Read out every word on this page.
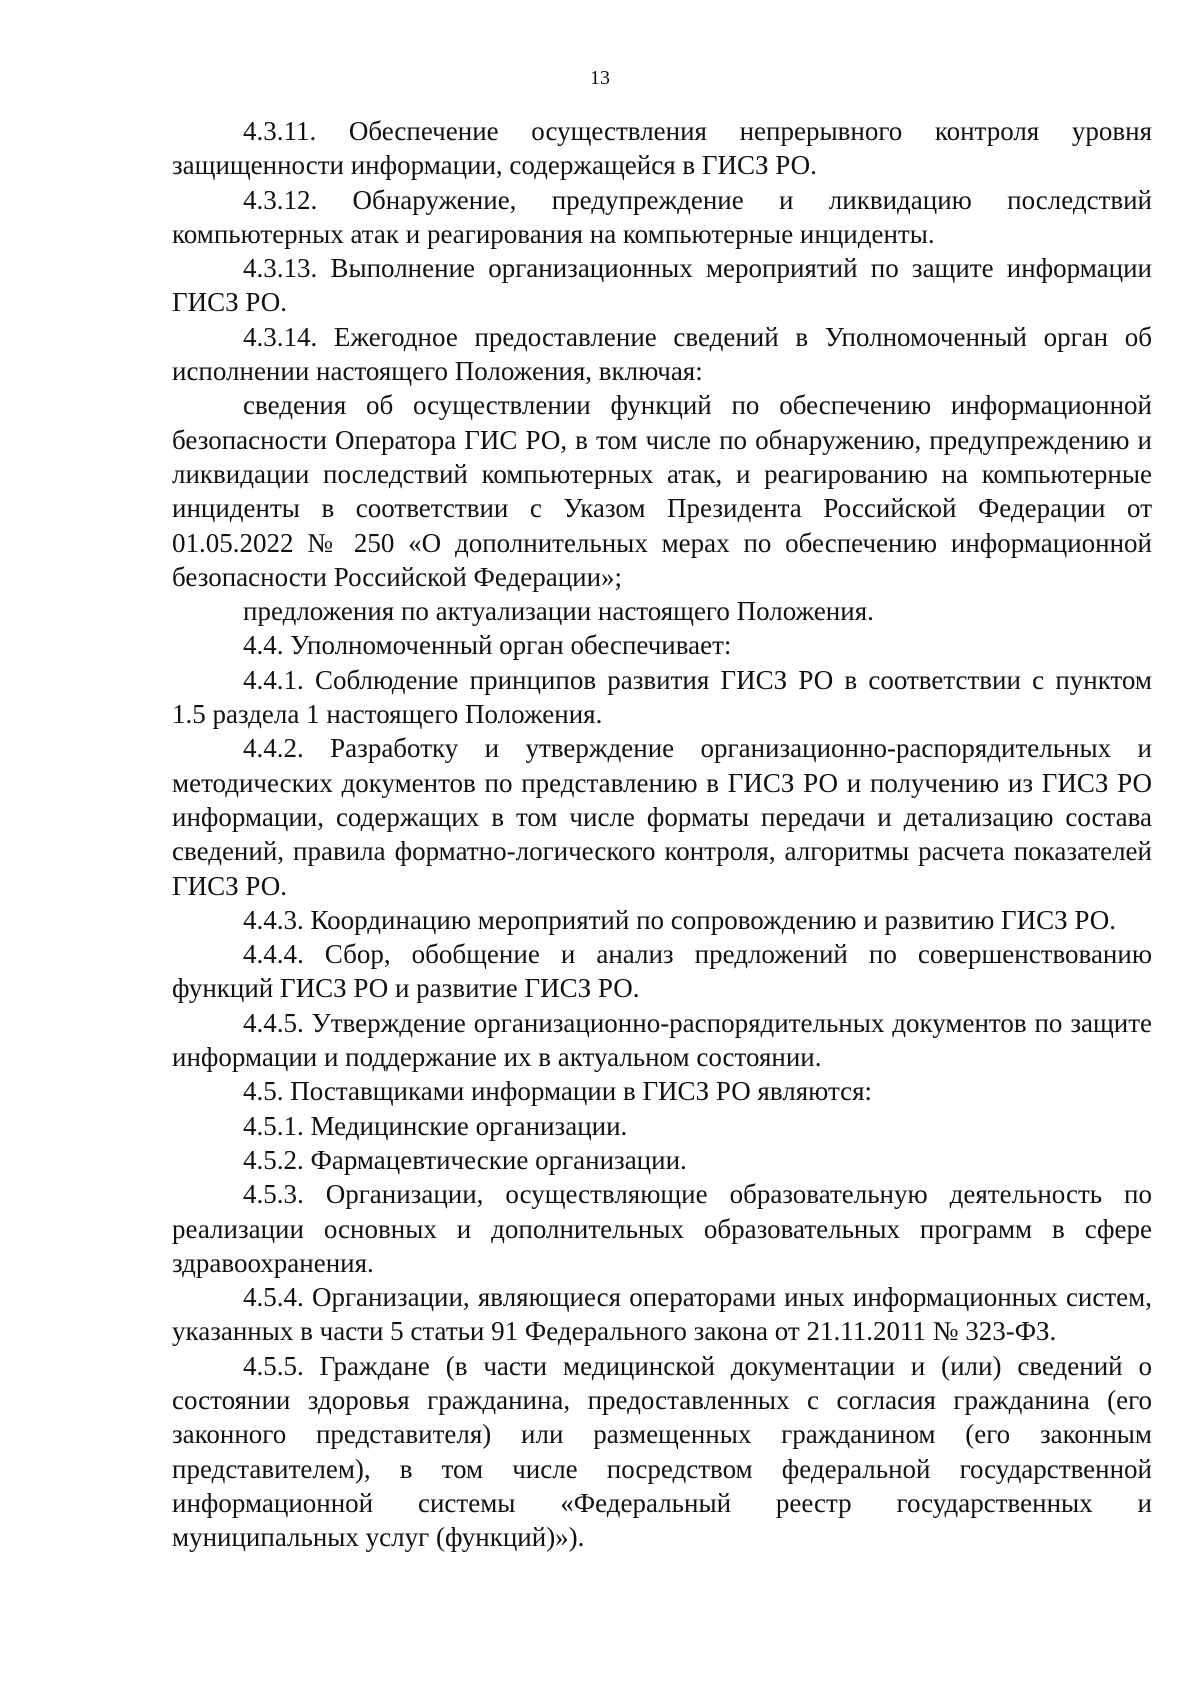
13

4.3.11. Обеспечение осуществления непрерывного контроля уровня защищенности информации, содержащейся в ГИСЗ РО.

4.3.12. Обнаружение, предупреждение и ликвидацию последствий компьютерных атак и реагирования на компьютерные инциденты.

4.3.13. Выполнение организационных мероприятий по защите информации ГИСЗ РО.

4.3.14. Ежегодное предоставление сведений в Уполномоченный орган об исполнении настоящего Положения, включая:

сведения об осуществлении функций по обеспечению информационной безопасности Оператора ГИС РО, в том числе по обнаружению, предупреждению и ликвидации последствий компьютерных атак, и реагированию на компьютерные инциденты в соответствии с Указом Президента Российской Федерации от 01.05.2022 № 250 «О дополнительных мерах по обеспечению информационной безопасности Российской Федерации»;

предложения по актуализации настоящего Положения.

4.4. Уполномоченный орган обеспечивает:

4.4.1. Соблюдение принципов развития ГИСЗ РО в соответствии с пунктом 1.5 раздела 1 настоящего Положения.

4.4.2. Разработку и утверждение организационно-распорядительных и методических документов по представлению в ГИСЗ РО и получению из ГИСЗ РО информации, содержащих в том числе форматы передачи и детализацию состава сведений, правила форматно-логического контроля, алгоритмы расчета показателей ГИСЗ РО.

4.4.3. Координацию мероприятий по сопровождению и развитию ГИСЗ РО.

4.4.4. Сбор, обобщение и анализ предложений по совершенствованию функций ГИСЗ РО и развитие ГИСЗ РО.

4.4.5. Утверждение организационно-распорядительных документов по защите информации и поддержание их в актуальном состоянии.

4.5. Поставщиками информации в ГИСЗ РО являются:

4.5.1. Медицинские организации.

4.5.2. Фармацевтические организации.

4.5.3. Организации, осуществляющие образовательную деятельность по реализации основных и дополнительных образовательных программ в сфере здравоохранения.

4.5.4. Организации, являющиеся операторами иных информационных систем, указанных в части 5 статьи 91 Федерального закона от 21.11.2011 № 323-ФЗ.

4.5.5. Граждане (в части медицинской документации и (или) сведений о состоянии здоровья гражданина, предоставленных с согласия гражданина (его законного представителя) или размещенных гражданином (его законным представителем), в том числе посредством федеральной государственной информационной системы «Федеральный реестр государственных и муниципальных услуг (функций)»).
